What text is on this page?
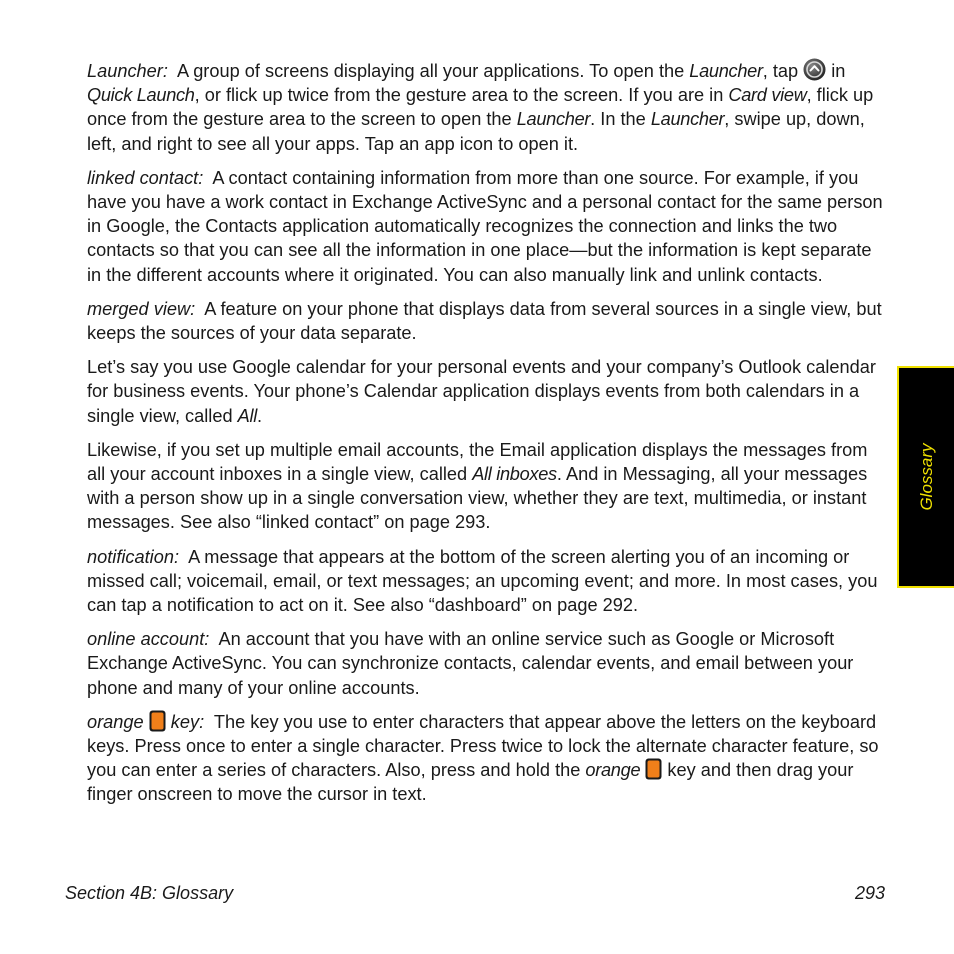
Launcher: A group of screens displaying all your applications. To open the Launcher, tap  in Quick Launch, or flick up twice from the gesture area to the screen. If you are in Card view, flick up once from the gesture area to the screen to open the Launcher. In the Launcher, swipe up, down, left, and right to see all your apps. Tap an app icon to open it.

linked contact: A contact containing information from more than one source. For example, if you have you have a work contact in Exchange ActiveSync and a personal contact for the same person in Google, the Contacts application automatically recognizes the connection and links the two contacts so that you can see all the information in one place—but the information is kept separate in the different accounts where it originated. You can also manually link and unlink contacts.

merged view: A feature on your phone that displays data from several sources in a single view, but keeps the sources of your data separate.

Let’s say you use Google calendar for your personal events and your company’s Outlook calendar for business events. Your phone’s Calendar application displays events from both calendars in a single view, called All.

Likewise, if you set up multiple email accounts, the Email application displays the messages from all your account inboxes in a single view, called All inboxes. And in Messaging, all your messages with a person show up in a single conversation view, whether they are text, multimedia, or instant messages. See also “linked contact” on page 293.

notification: A message that appears at the bottom of the screen alerting you of an incoming or missed call; voicemail, email, or text messages; an upcoming event; and more. In most cases, you can tap a notification to act on it. See also “dashboard” on page 292.

online account: An account that you have with an online service such as Google or Microsoft Exchange ActiveSync. You can synchronize contacts, calendar events, and email between your phone and many of your online accounts.

orange key: The key you use to enter characters that appear above the letters on the keyboard keys. Press once to enter a single character. Press twice to lock the alternate character feature, so you can enter a series of characters. Also, press and hold the orange  key and then drag your finger onscreen to move the cursor in text.

Glossary
Section 4B: Glossary	293
